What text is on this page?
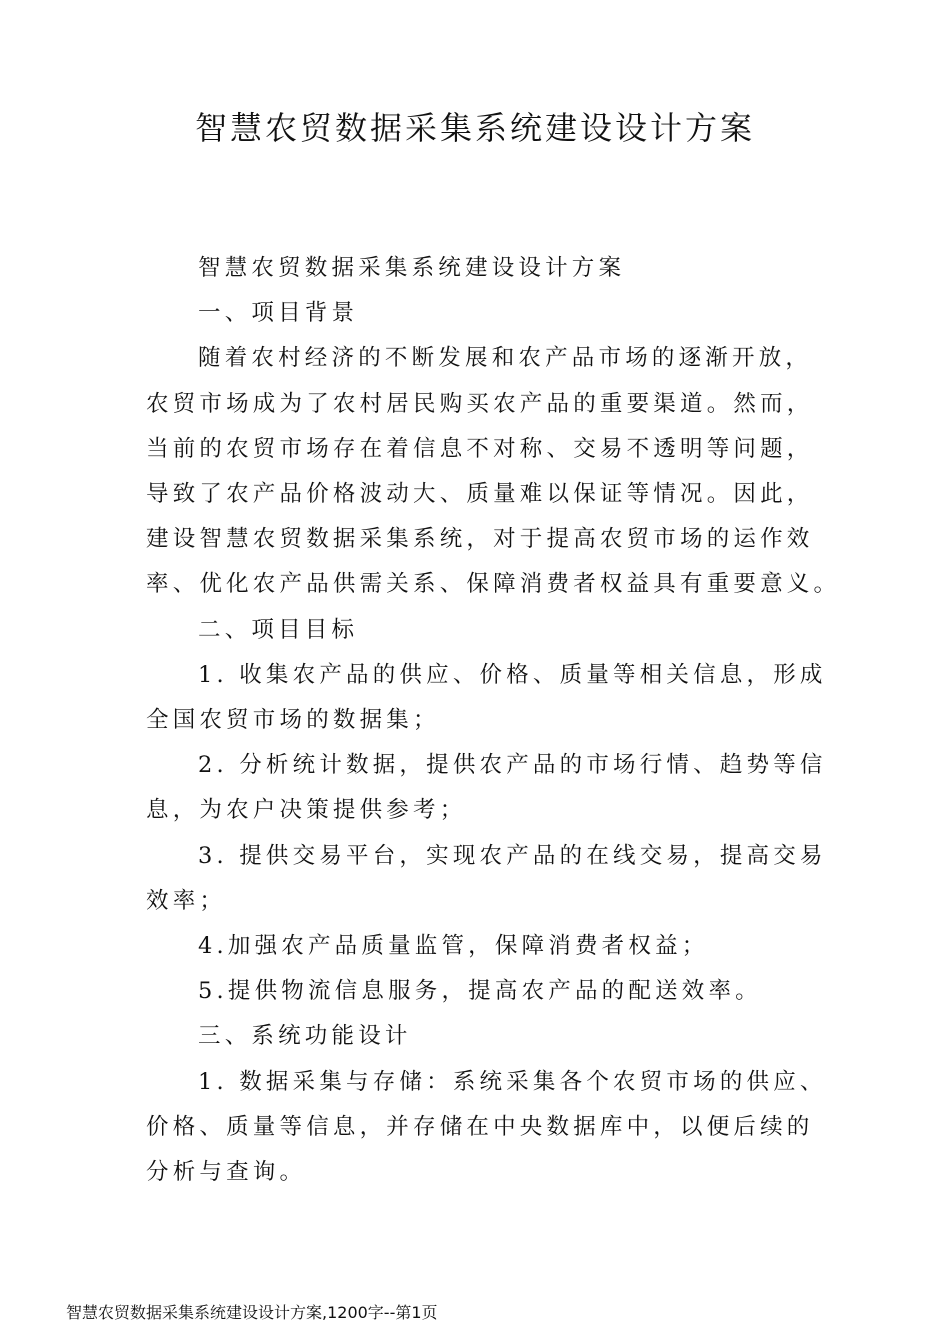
智慧农贸数据采集系统建设设计方案

智慧农贸数据采集系统建设设计方案

一、项目背景

随着农村经济的不断发展和农产品市场的逐渐开放，
农贸市场成为了农村居民购买农产品的重要渠道。然而，
当前的农贸市场存在着信息不对称、交易不透明等问题，
导致了农产品价格波动大、质量难以保证等情况。因此，
建设智慧农贸数据采集系统，对于提高农贸市场的运作效
率、优化农产品供需关系、保障消费者权益具有重要意义。

二、项目目标

1. 收集农产品的供应、价格、质量等相关信息，形成
全国农贸市场的数据集；

2. 分析统计数据，提供农产品的市场行情、趋势等信
息，为农户决策提供参考；

3. 提供交易平台，实现农产品的在线交易，提高交易
效率；

4.加强农产品质量监管，保障消费者权益；

5.提供物流信息服务，提高农产品的配送效率。

三、系统功能设计

1. 数据采集与存储：系统采集各个农贸市场的供应、
价格、质量等信息，并存储在中央数据库中，以便后续的
分析与查询。

智慧农贸数据采集系统建设设计方案,1200字--第1页
